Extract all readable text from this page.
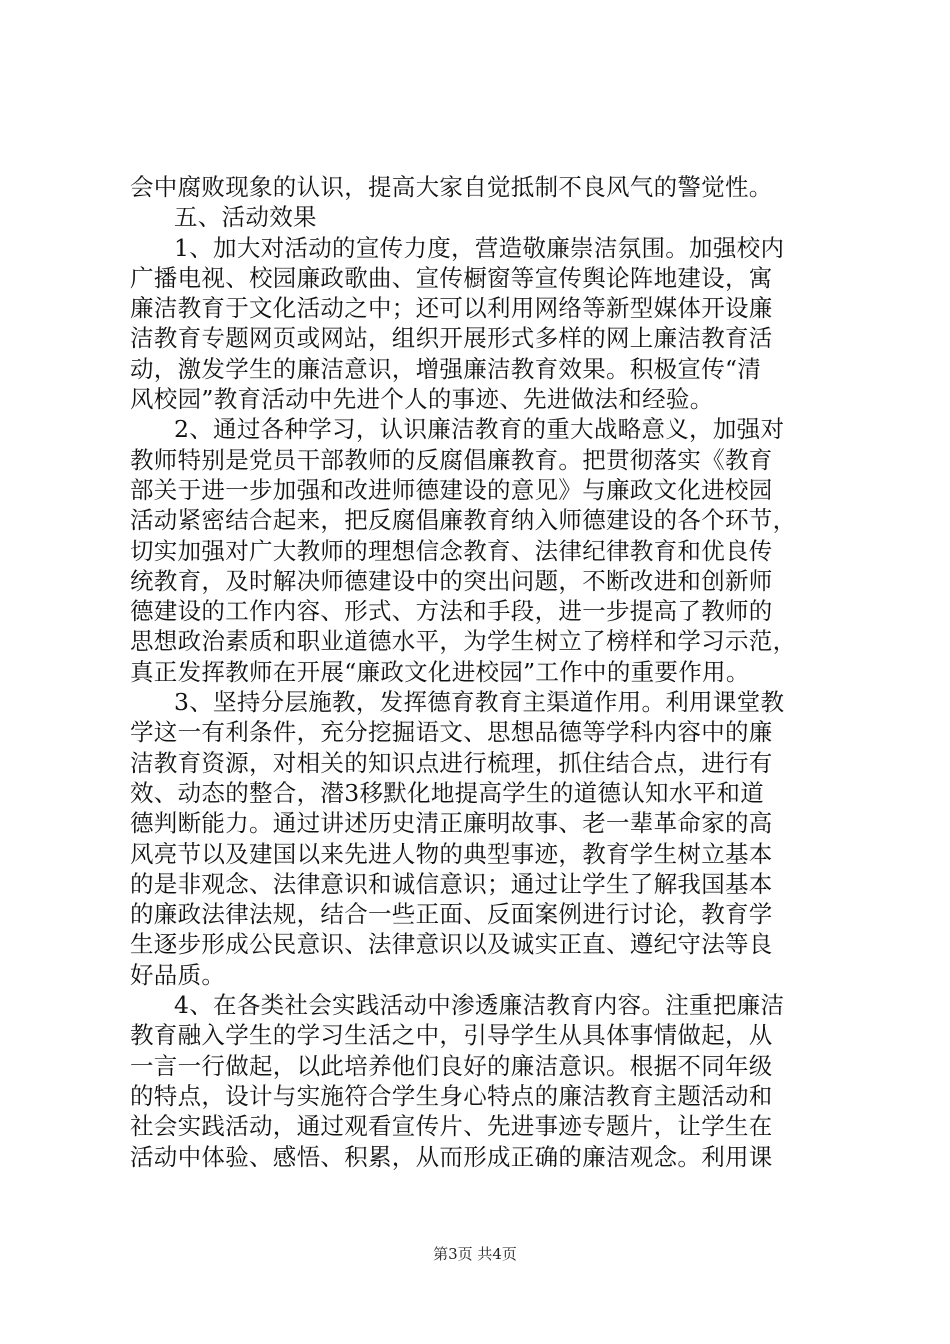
会中腐败现象的认识，提高大家自觉抵制不良风气的警觉性。
五、活动效果
1、加大对活动的宣传力度，营造敬廉崇洁氛围。加强校内
广播电视、校园廉政歌曲、宣传橱窗等宣传舆论阵地建设，寓
廉洁教育于文化活动之中；还可以利用网络等新型媒体开设廉
洁教育专题网页或网站，组织开展形式多样的网上廉洁教育活
动，激发学生的廉洁意识，增强廉洁教育效果。积极宣传“清
风校园”教育活动中先进个人的事迹、先进做法和经验。
2、通过各种学习，认识廉洁教育的重大战略意义，加强对
教师特别是党员干部教师的反腐倡廉教育。把贯彻落实《教育
部关于进一步加强和改进师德建设的意见》与廉政文化进校园
活动紧密结合起来，把反腐倡廉教育纳入师德建设的各个环节，
切实加强对广大教师的理想信念教育、法律纪律教育和优良传
统教育，及时解决师德建设中的突出问题，不断改进和创新师
德建设的工作内容、形式、方法和手段，进一步提高了教师的
思想政治素质和职业道德水平，为学生树立了榜样和学习示范，
真正发挥教师在开展“廉政文化进校园”工作中的重要作用。
3、坚持分层施教，发挥德育教育主渠道作用。利用课堂教
学这一有利条件，充分挖掘语文、思想品德等学科内容中的廉
洁教育资源，对相关的知识点进行梳理，抓住结合点，进行有
效、动态的整合，潜3移默化地提高学生的道德认知水平和道
德判断能力。通过讲述历史清正廉明故事、老一辈革命家的高
风亮节以及建国以来先进人物的典型事迹，教育学生树立基本
的是非观念、法律意识和诚信意识；通过让学生了解我国基本
的廉政法律法规，结合一些正面、反面案例进行讨论，教育学
生逐步形成公民意识、法律意识以及诚实正直、遵纪守法等良
好品质。
4、在各类社会实践活动中渗透廉洁教育内容。注重把廉洁
教育融入学生的学习生活之中，引导学生从具体事情做起，从
一言一行做起，以此培养他们良好的廉洁意识。根据不同年级
的特点，设计与实施符合学生身心特点的廉洁教育主题活动和
社会实践活动，通过观看宣传片、先进事迹专题片，让学生在
活动中体验、感悟、积累，从而形成正确的廉洁观念。利用课
第3页 共4页
